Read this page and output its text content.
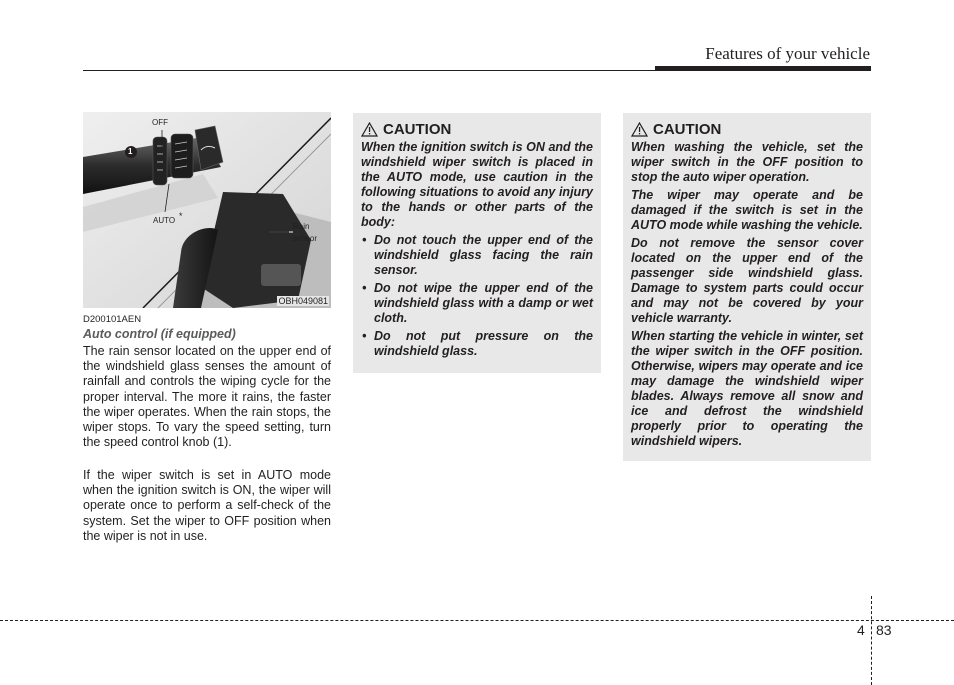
Features of your vehicle
OFF
1
AUTO *
Rain
sensor
OBH049081
D200101AEN
Auto control (if equipped)

The rain sensor located on the upper end of the windshield glass senses the amount of rainfall and controls the wiping cycle for the proper interval. The more it rains, the faster the wiper operates. When the rain stops, the wiper stops. To vary the speed setting, turn the speed control knob (1).

If the wiper switch is set in AUTO mode when the ignition switch is ON, the wiper will operate once to perform a self-check of the system. Set the wiper to OFF position when the wiper is not in use.

CAUTION

When the ignition switch is ON and the windshield wiper switch is placed in the AUTO mode, use caution in the following situations to avoid any injury to the hands or other parts of the body:

• Do not touch the upper end of the windshield glass facing the rain sensor.
• Do not wipe the upper end of the windshield glass with a damp or wet cloth.
• Do not put pressure on the windshield glass.
CAUTION

When washing the vehicle, set the wiper switch in the OFF position to stop the auto wiper operation.

The wiper may operate and be damaged if the switch is set in the AUTO mode while washing the vehicle.

Do not remove the sensor cover located on the upper end of the passenger side windshield glass. Damage to system parts could occur and may not be covered by your vehicle warranty.

When starting the vehicle in winter, set the wiper switch in the OFF position. Otherwise, wipers may operate and ice may damage the windshield wiper blades. Always remove all snow and ice and defrost the windshield properly prior to operating the windshield wipers.

4 83
